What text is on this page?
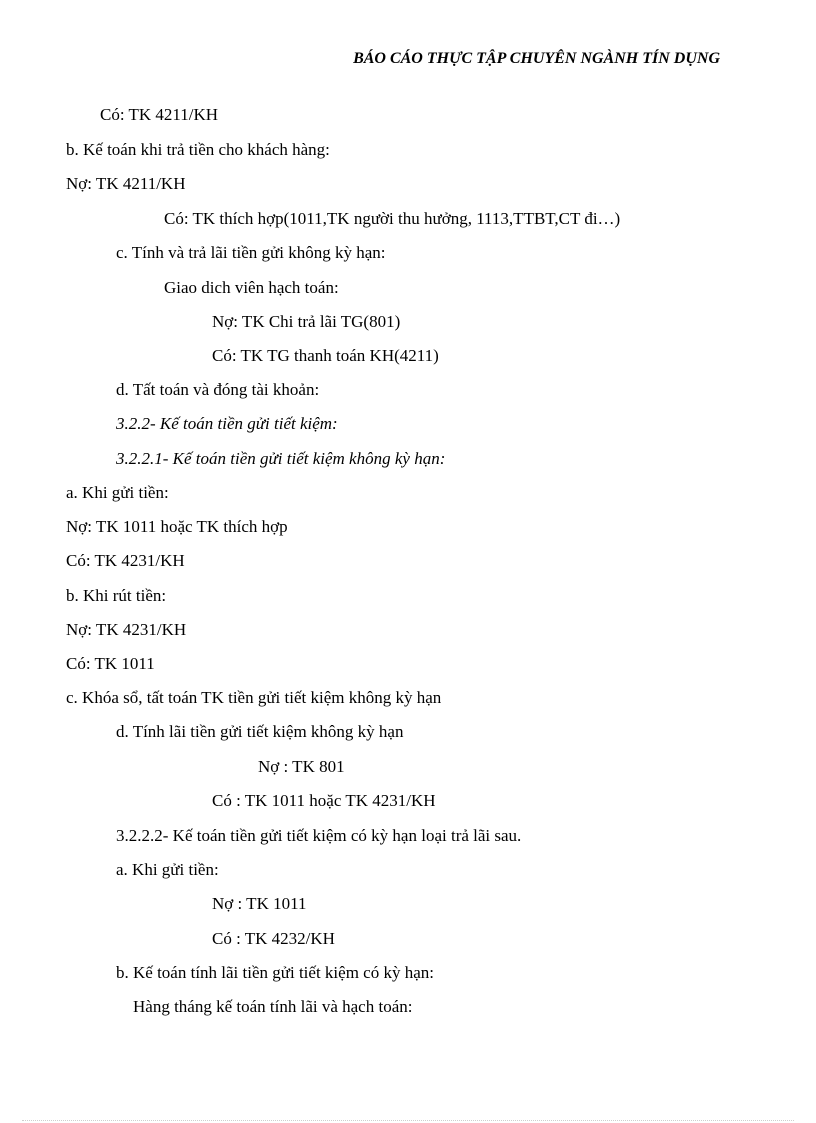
BÁO CÁO THỰC TẬP CHUYÊN NGÀNH TÍN DỤNG
Có: TK 4211/KH
b. Kế toán khi trả tiền cho khách hàng:
Nợ: TK 4211/KH
Có: TK thích hợp(1011,TK người thu hưởng, 1113,TTBT,CT đi…)
c. Tính và trả lãi tiền gửi không kỳ hạn:
Giao dich viên hạch toán:
Nợ: TK Chi trả lãi TG(801)
Có: TK TG thanh toán KH(4211)
d. Tất toán và đóng tài khoản:
3.2.2- Kế toán tiền gửi tiết kiệm:
3.2.2.1- Kế toán tiền gửi tiết kiệm không kỳ hạn:
a. Khi gửi tiền:
Nợ: TK 1011 hoặc TK thích hợp
Có: TK 4231/KH
b. Khi rút tiền:
Nợ: TK 4231/KH
Có: TK 1011
c. Khóa sổ, tất toán TK tiền gửi tiết kiệm không kỳ hạn
d. Tính lãi tiền gửi tiết kiệm không kỳ hạn
Nợ : TK 801
Có : TK 1011 hoặc TK 4231/KH
3.2.2.2- Kế toán tiền gửi tiết kiệm có kỳ hạn loại trả lãi sau.
a. Khi gửi tiền:
Nợ : TK 1011
Có : TK 4232/KH
b. Kế toán tính lãi tiền gửi tiết kiệm có kỳ hạn:
Hàng tháng kế toán tính lãi và hạch toán:
